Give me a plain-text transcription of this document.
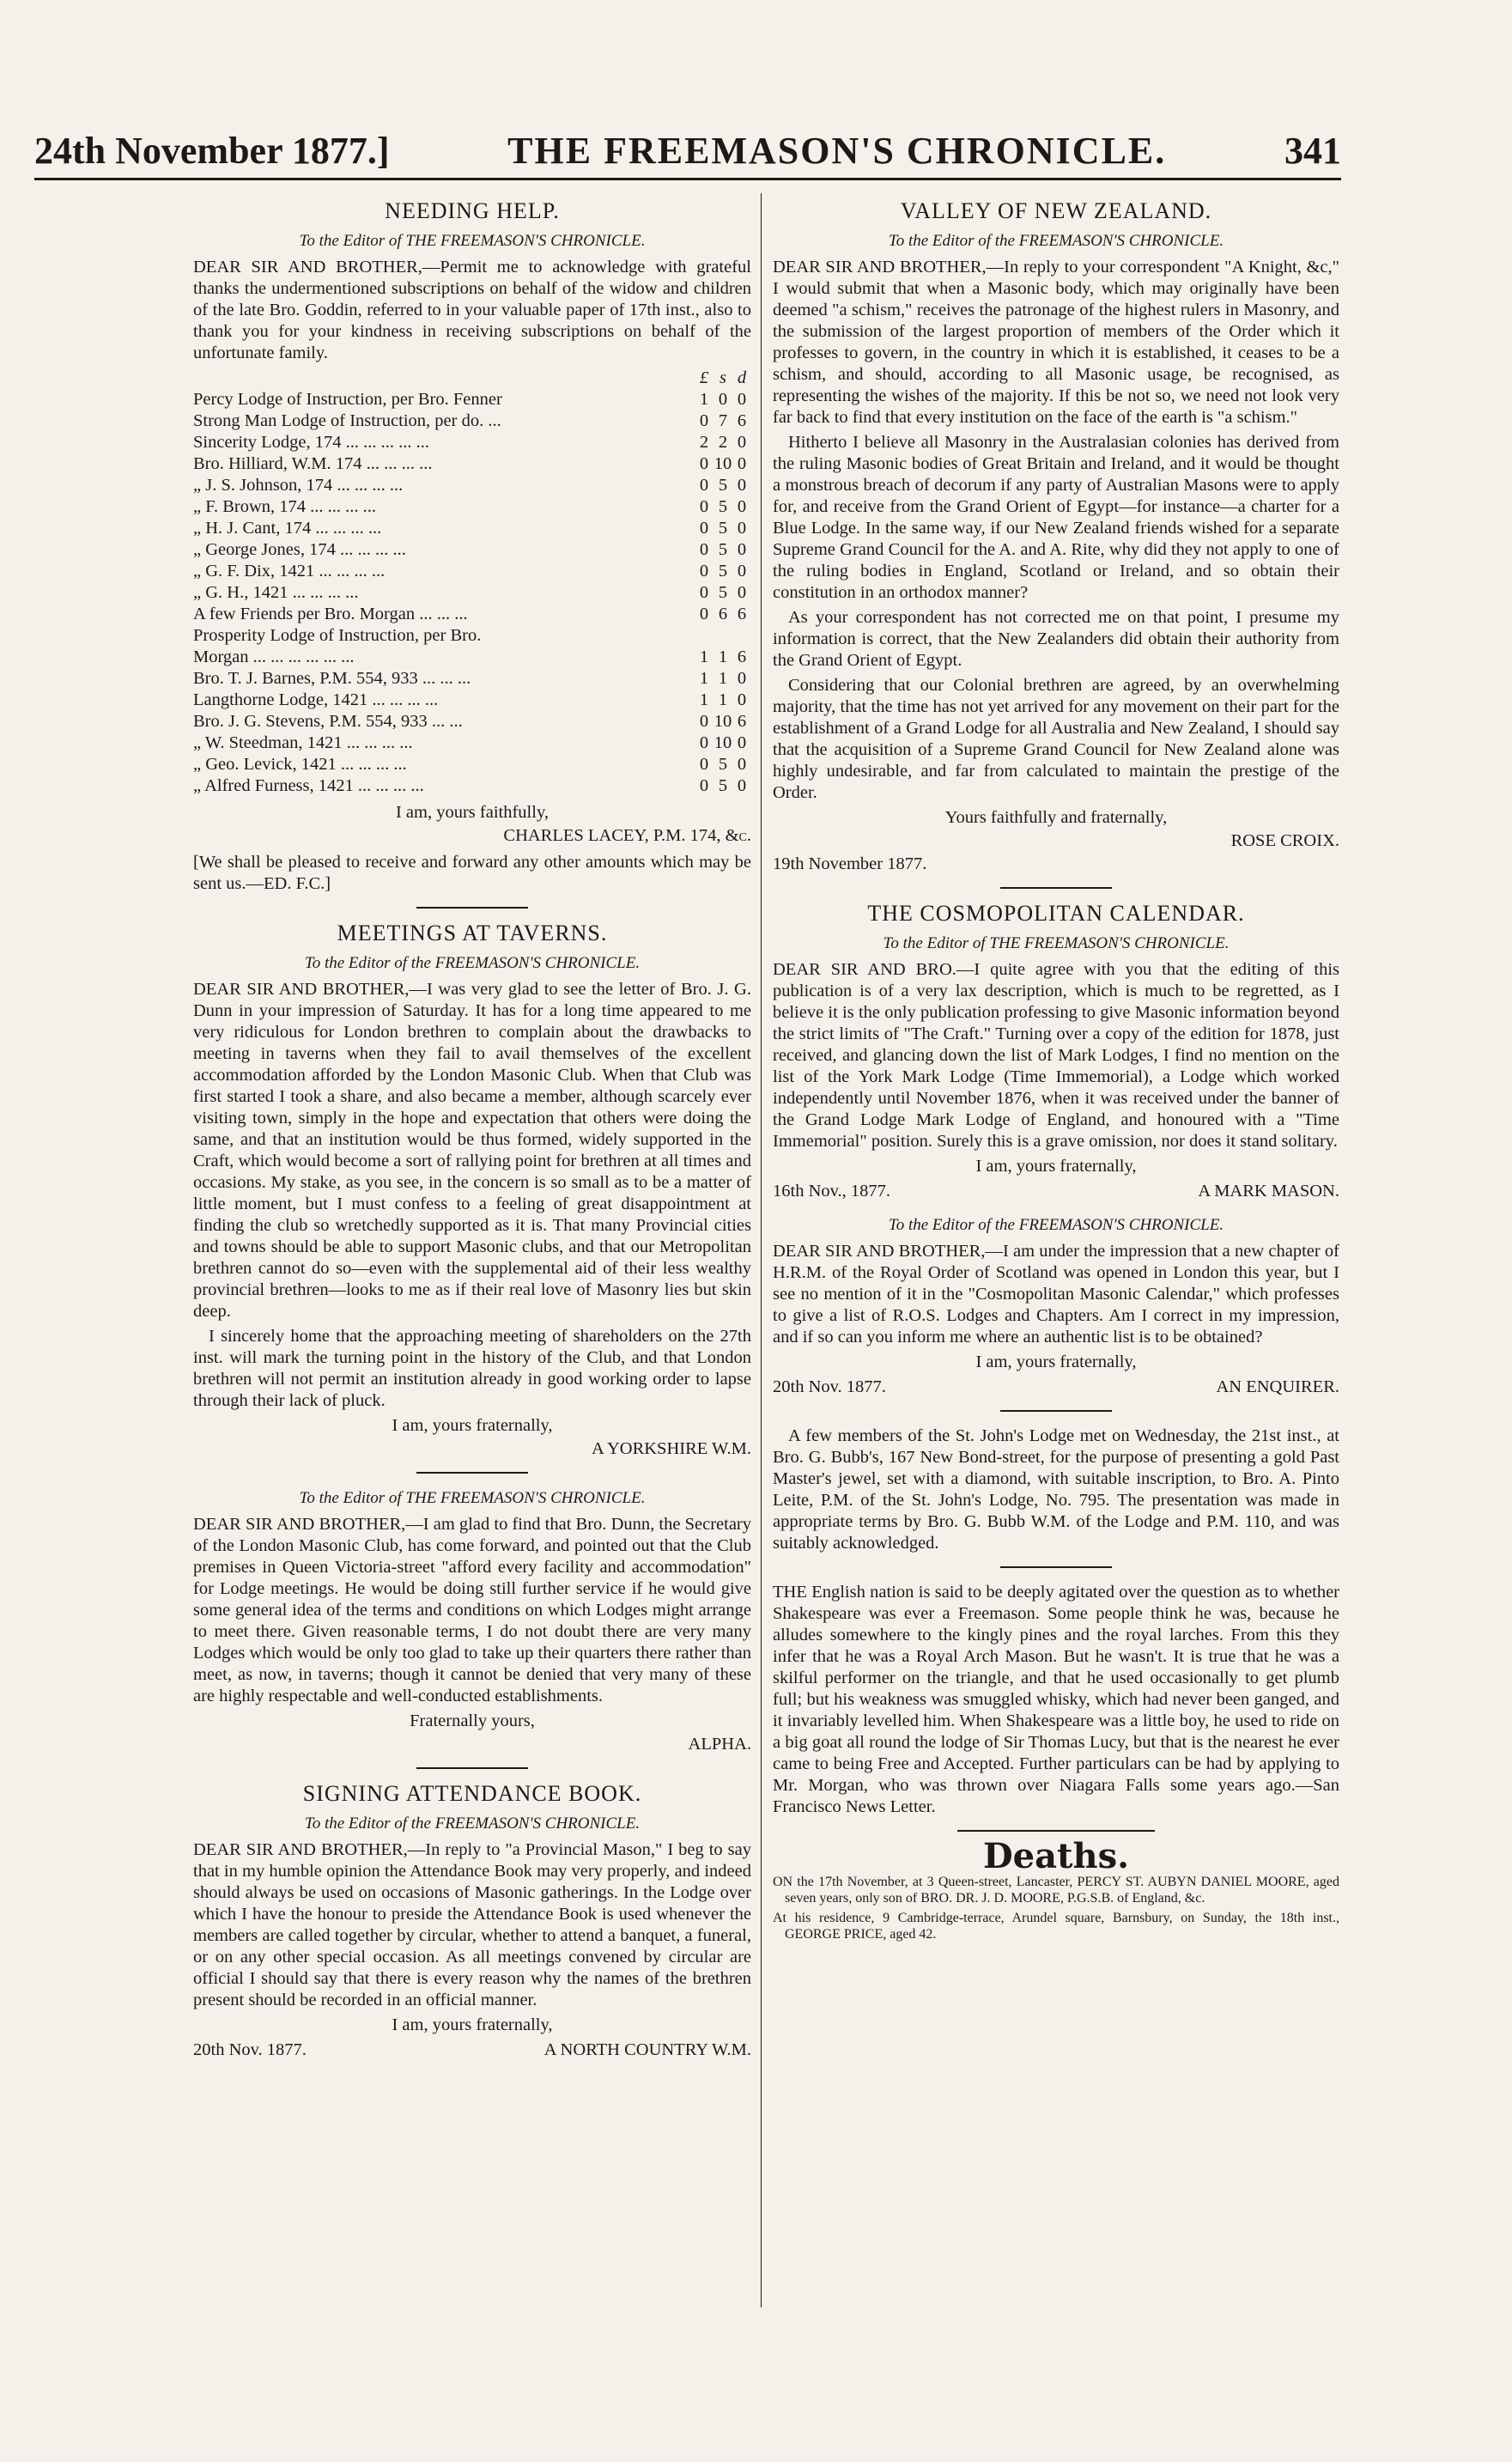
24th November 1877.]	THE FREEMASON'S CHRONICLE.	341
NEEDING HELP.
To the Editor of THE FREEMASON'S CHRONICLE.

DEAR SIR AND BROTHER,—Permit me to acknowledge with grateful thanks the undermentioned subscriptions on behalf of the widow and children of the late Bro. Goddin, referred to in your valuable paper of 17th inst., also to thank you for your kindness in receiving subscriptions on behalf of the unfortunate family.

£ s d
Percy Lodge of Instruction, per Bro. Fenner	1 0 0
Strong Man Lodge of Instruction, per do. ...	0 7 6
Sincerity Lodge, 174 ... ... ... ... ...	2 2 0
Bro. Hilliard, W.M. 174 ... ... ... ...	0 10 0
„ J. S. Johnson, 174 ... ... ... ...	0 5 0
„ F. Brown, 174 ... ... ... ...	0 5 0
„ H. J. Cant, 174 ... ... ... ...	0 5 0
„ George Jones, 174 ... ... ... ...	0 5 0
„ G. F. Dix, 1421 ... ... ... ...	0 5 0
„ G. H., 1421 ... ... ... ...	0 5 0
A few Friends per Bro. Morgan ... ... ...	0 6 6
Prosperity Lodge of Instruction, per Bro.
Morgan ... ... ... ... ... ...	1 1 6
Bro. T. J. Barnes, P.M. 554, 933 ... ... ...	1 1 0
Langthorne Lodge, 1421 ... ... ... ...	1 1 0
Bro. J. G. Stevens, P.M. 554, 933 ... ...	0 10 6
„ W. Steedman, 1421 ... ... ... ...	0 10 0
„ Geo. Levick, 1421 ... ... ... ...	0 5 0
„ Alfred Furness, 1421 ... ... ... ...	0 5 0
I am, yours faithfully,
CHARLES LACEY, P.M. 174, &c.

[We shall be pleased to receive and forward any other amounts which may be sent us.—ED. F.C.]

MEETINGS AT TAVERNS.
To the Editor of the FREEMASON'S CHRONICLE.

DEAR SIR AND BROTHER,—I was very glad to see the letter of Bro. J. G. Dunn in your impression of Saturday. It has for a long time appeared to me very ridiculous for London brethren to complain about the drawbacks to meeting in taverns when they fail to avail themselves of the excellent accommodation afforded by the London Masonic Club. When that Club was first started I took a share, and also became a member, although scarcely ever visiting town, simply in the hope and expectation that others were doing the same, and that an institution would be thus formed, widely supported in the Craft, which would become a sort of rallying point for brethren at all times and occasions. My stake, as you see, in the concern is so small as to be a matter of little moment, but I must confess to a feeling of great disappointment at finding the club so wretchedly supported as it is. That many Provincial cities and towns should be able to support Masonic clubs, and that our Metropolitan brethren cannot do so—even with the supplemental aid of their less wealthy provincial brethren—looks to me as if their real love of Masonry lies but skin deep.

I sincerely home that the approaching meeting of shareholders on the 27th inst. will mark the turning point in the history of the Club, and that London brethren will not permit an institution already in good working order to lapse through their lack of pluck.

I am, yours fraternally,
A YORKSHIRE W.M.
To the Editor of THE FREEMASON'S CHRONICLE.

DEAR SIR AND BROTHER,—I am glad to find that Bro. Dunn, the Secretary of the London Masonic Club, has come forward, and pointed out that the Club premises in Queen Victoria-street "afford every facility and accommodation" for Lodge meetings. He would be doing still further service if he would give some general idea of the terms and conditions on which Lodges might arrange to meet there. Given reasonable terms, I do not doubt there are very many Lodges which would be only too glad to take up their quarters there rather than meet, as now, in taverns; though it cannot be denied that very many of these are highly respectable and well-conducted establishments.

Fraternally yours,
ALPHA.
SIGNING ATTENDANCE BOOK.
To the Editor of the FREEMASON'S CHRONICLE.

DEAR SIR AND BROTHER,—In reply to "a Provincial Mason," I beg to say that in my humble opinion the Attendance Book may very properly, and indeed should always be used on occasions of Masonic gatherings. In the Lodge over which I have the honour to preside the Attendance Book is used whenever the members are called together by circular, whether to attend a banquet, a funeral, or on any other special occasion. As all meetings convened by circular are official I should say that there is every reason why the names of the brethren present should be recorded in an official manner.

I am, yours fraternally,
20th Nov. 1877.	A NORTH COUNTRY W.M.
VALLEY OF NEW ZEALAND.
To the Editor of the FREEMASON'S CHRONICLE.

DEAR SIR AND BROTHER,—In reply to your correspondent "A Knight, &c," I would submit that when a Masonic body, which may originally have been deemed "a schism," receives the patronage of the highest rulers in Masonry, and the submission of the largest proportion of members of the Order which it professes to govern, in the country in which it is established, it ceases to be a schism, and should, according to all Masonic usage, be recognised, as representing the wishes of the majority. If this be not so, we need not look very far back to find that every institution on the face of the earth is "a schism."

Hitherto I believe all Masonry in the Australasian colonies has derived from the ruling Masonic bodies of Great Britain and Ireland, and it would be thought a monstrous breach of decorum if any party of Australian Masons were to apply for, and receive from the Grand Orient of Egypt—for instance—a charter for a Blue Lodge. In the same way, if our New Zealand friends wished for a separate Supreme Grand Council for the A. and A. Rite, why did they not apply to one of the ruling bodies in England, Scotland or Ireland, and so obtain their constitution in an orthodox manner?

As your correspondent has not corrected me on that point, I presume my information is correct, that the New Zealanders did obtain their authority from the Grand Orient of Egypt.

Considering that our Colonial brethren are agreed, by an overwhelming majority, that the time has not yet arrived for any movement on their part for the establishment of a Grand Lodge for all Australia and New Zealand, I should say that the acquisition of a Supreme Grand Council for New Zealand alone was highly undesirable, and far from calculated to maintain the prestige of the Order.

Yours faithfully and fraternally,
ROSE CROIX.
19th November 1877.
THE COSMOPOLITAN CALENDAR.
To the Editor of THE FREEMASON'S CHRONICLE.

DEAR SIR AND BRO.—I quite agree with you that the editing of this publication is of a very lax description, which is much to be regretted, as I believe it is the only publication professing to give Masonic information beyond the strict limits of "The Craft." Turning over a copy of the edition for 1878, just received, and glancing down the list of Mark Lodges, I find no mention on the list of the York Mark Lodge (Time Immemorial), a Lodge which worked independently until November 1876, when it was received under the banner of the Grand Lodge Mark Lodge of England, and honoured with a "Time Immemorial" position. Surely this is a grave omission, nor does it stand solitary.

I am, yours fraternally,
16th Nov., 1877.	A MARK MASON.
To the Editor of the FREEMASON'S CHRONICLE.

DEAR SIR AND BROTHER,—I am under the impression that a new chapter of H.R.M. of the Royal Order of Scotland was opened in London this year, but I see no mention of it in the "Cosmopolitan Masonic Calendar," which professes to give a list of R.O.S. Lodges and Chapters. Am I correct in my impression, and if so can you inform me where an authentic list is to be obtained?

I am, yours fraternally,
20th Nov. 1877.	AN ENQUIRER.

A few members of the St. John's Lodge met on Wednesday, the 21st inst., at Bro. G. Bubb's, 167 New Bond-street, for the purpose of presenting a gold Past Master's jewel, set with a diamond, with suitable inscription, to Bro. A. Pinto Leite, P.M. of the St. John's Lodge, No. 795. The presentation was made in appropriate terms by Bro. G. Bubb W.M. of the Lodge and P.M. 110, and was suitably acknowledged.

THE English nation is said to be deeply agitated over the question as to whether Shakespeare was ever a Freemason. Some people think he was, because he alludes somewhere to the kingly pines and the royal larches. From this they infer that he was a Royal Arch Mason. But he wasn't. It is true that he was a skilful performer on the triangle, and that he used occasionally to get plumb full; but his weakness was smuggled whisky, which had never been ganged, and it invariably levelled him. When Shakespeare was a little boy, he used to ride on a big goat all round the lodge of Sir Thomas Lucy, but that is the nearest he ever came to being Free and Accepted. Further particulars can be had by applying to Mr. Morgan, who was thrown over Niagara Falls some years ago.—San Francisco News Letter.

Deaths.

ON the 17th November, at 3 Queen-street, Lancaster, PERCY ST. AUBYN DANIEL MOORE, aged seven years, only son of BRO. DR. J. D. MOORE, P.G.S.B. of England, &c.

At his residence, 9 Cambridge-terrace, Arundel square, Barnsbury, on Sunday, the 18th inst., GEORGE PRICE, aged 42.
